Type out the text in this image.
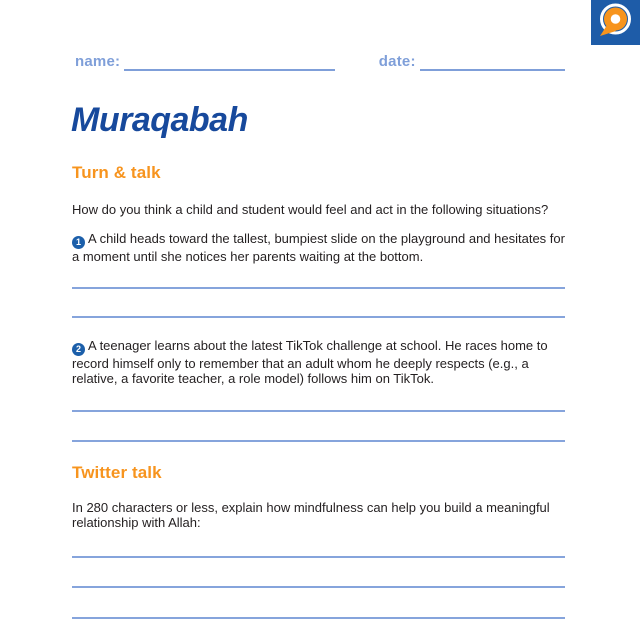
name:	date:
Muraqabah
Turn & talk
How do you think a child and student would feel and act in the following situations?
1 A child heads toward the tallest, bumpiest slide on the playground and hesitates for a moment until she notices her parents waiting at the bottom.
2 A teenager learns about the latest TikTok challenge at school. He races home to record himself only to remember that an adult whom he deeply respects (e.g., a relative, a favorite teacher, a role model) follows him on TikTok.
Twitter talk
In 280 characters or less, explain how mindfulness can help you build a meaningful relationship with Allah:
